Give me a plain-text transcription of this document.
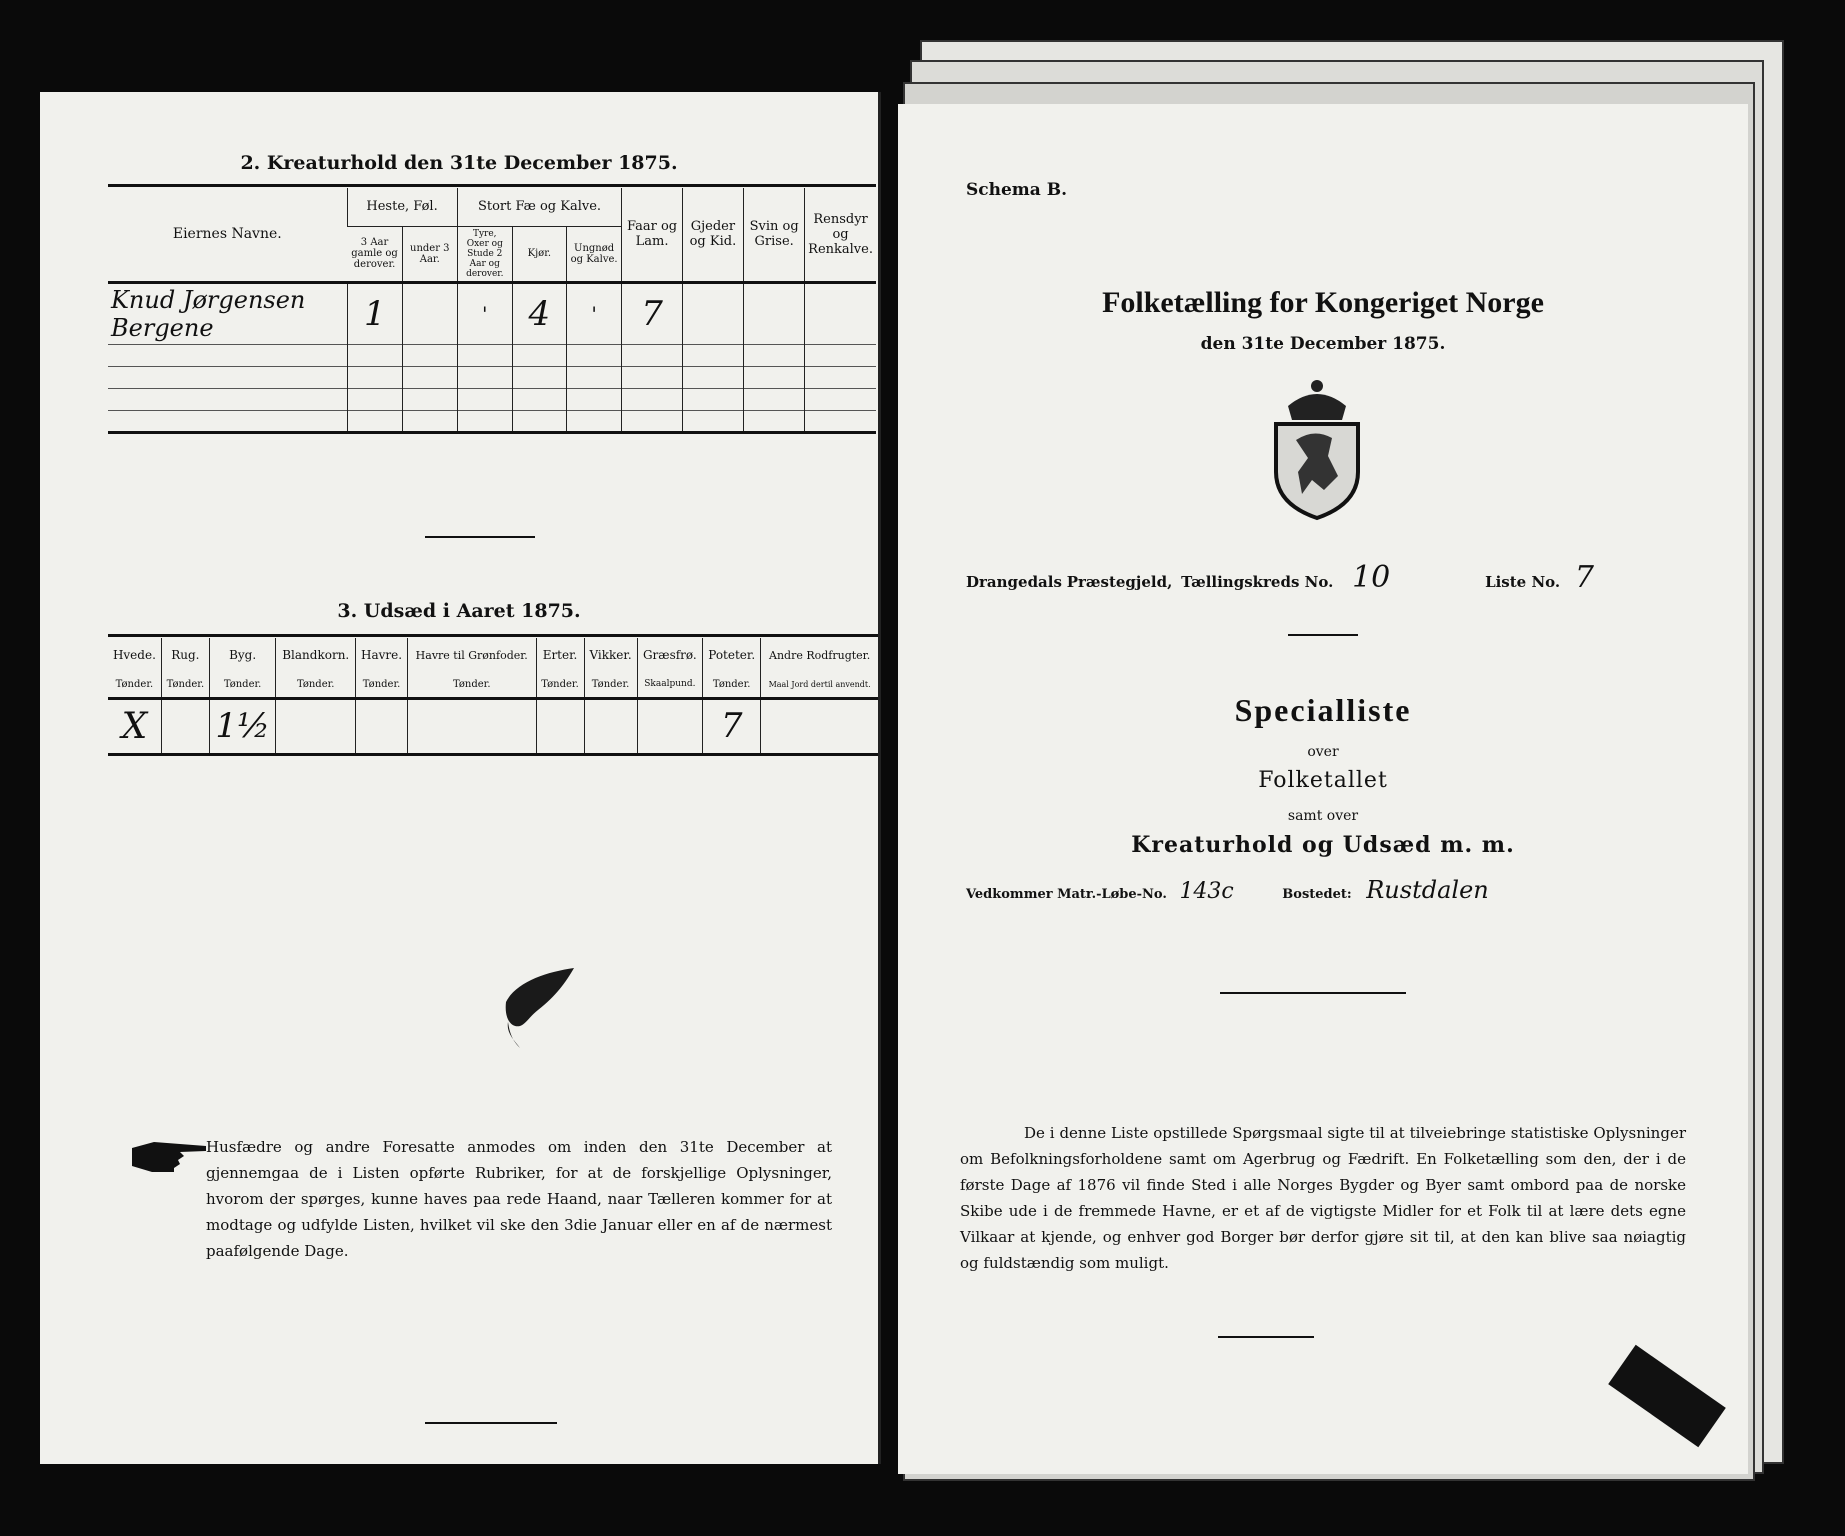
2. Kreaturhold den 31te December 1875.
Eiernes Navne.	Heste, Føl.		Stort Fæ og Kalve.			Faar og Lam.	Gjeder og Kid.	Svin og Grise.	Rensdyr og Renkalve.
	3 Aar gamle og derover.	under 3 Aar.	Tyre, Oxer og Stude 2 Aar og derover.	Kjør.	Ungnød og Kalve.				
Knud Jørgensen Bergene	1		'	4	'	7			

3. Udsæd i Aaret 1875.
Hvede.	Rug.	Byg.	Blandkorn.	Havre.	Havre til Grønfoder.	Erter.	Vikker.	Græsfrø.	Poteter.	Andre Rodfrugter.
Tønder.	Tønder.	Tønder.	Tønder.	Tønder.	Tønder.	Tønder.	Tønder.	Skaalpund.	Tønder.	Maal Jord dertil anvendt.
X		1½							7	
Husfædre og andre Foresatte anmodes om inden den 31te December at gjennemgaa de i Listen opførte Rubriker, for at de forskjellige Oplysninger, hvorom der spørges, kunne haves paa rede Haand, naar Tælleren kommer for at modtage og udfylde Listen, hvilket vil ske den 3die Januar eller en af de nærmest paafølgende Dage.
Schema B.
Folketælling for Kongeriget Norge
den 31te December 1875.
Drangedals Præstegjeld, Tællingskreds No. 10	Liste No. 7
Specialliste
over
Folketallet
samt over
Kreaturhold og Udsæd m. m.
Vedkommer Matr.-Løbe-No. 143c	Bostedet: Rustdalen
De i denne Liste opstillede Spørgsmaal sigte til at tilveiebringe statistiske Oplysninger om Befolkningsforholdene samt om Agerbrug og Fædrift. En Folketælling som den, der i de første Dage af 1876 vil finde Sted i alle Norges Bygder og Byer samt ombord paa de norske Skibe ude i de fremmede Havne, er et af de vigtigste Midler for et Folk til at lære dets egne Vilkaar at kjende, og enhver god Borger bør derfor gjøre sit til, at den kan blive saa nøiagtig og fuldstændig som muligt.
